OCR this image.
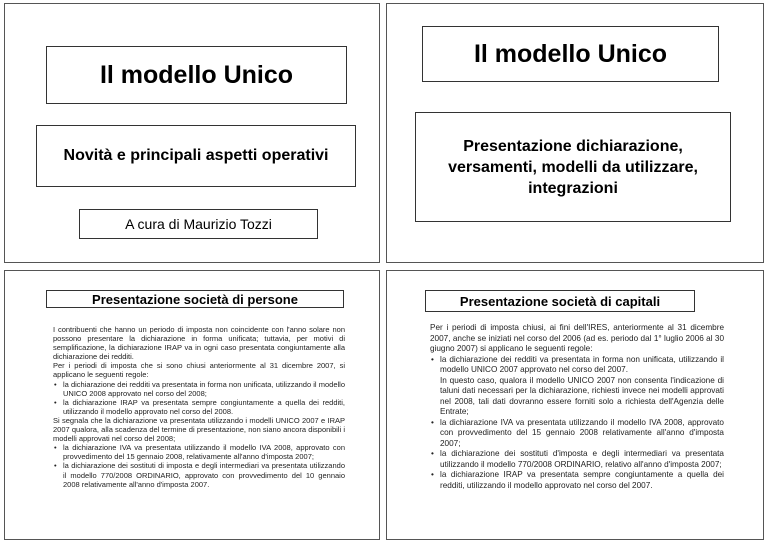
Il modello Unico
Novità e principali aspetti operativi
A cura di Maurizio Tozzi
Il modello Unico
Presentazione dichiarazione, versamenti, modelli da utilizzare, integrazioni
Presentazione società di persone

I contribuenti che hanno un periodo di imposta non coincidente con l'anno solare non possono presentare la dichiarazione in forma unificata; tuttavia, per motivi di semplificazione, la dichiarazione IRAP va in ogni caso presentata congiuntamente alla dichiarazione dei redditi.

Per i periodi di imposta che si sono chiusi anteriormente al 31 dicembre 2007, si applicano le seguenti regole:

• la dichiarazione dei redditi va presentata in forma non unificata, utilizzando il modello UNICO 2008 approvato nel corso del 2008;
• la dichiarazione IRAP va presentata sempre congiuntamente a quella dei redditi, utilizzando il modello approvato nel corso del 2008.

Si segnala che la dichiarazione va presentata utilizzando i modelli UNICO 2007 e IRAP 2007 qualora, alla scadenza del termine di presentazione, non siano ancora disponibili i modelli approvati nel corso del 2008;

• la dichiarazione IVA va presentata utilizzando il modello IVA 2008, approvato con provvedimento del 15 gennaio 2008, relativamente all'anno d'imposta 2007;
• la dichiarazione dei sostituti di imposta e degli intermediari va presentata utilizzando il modello 770/2008 ORDINARIO, approvato con provvedimento del 10 gennaio 2008 relativamente all'anno d'imposta 2007.
Presentazione società di capitali

Per i periodi di imposta chiusi, ai fini dell'IRES, anteriormente al 31 dicembre 2007, anche se iniziati nel corso del 2006 (ad es. periodo dal 1° luglio 2006 al 30 giugno 2007) si applicano le seguenti regole:

• la dichiarazione dei redditi va presentata in forma non unificata, utilizzando il modello UNICO 2007 approvato nel corso del 2007.
In questo caso, qualora il modello UNICO 2007 non consenta l'indicazione di taluni dati necessari per la dichiarazione, richiesti invece nei modelli approvati nel 2008, tali dati dovranno essere forniti solo a richiesta dell'Agenzia delle Entrate;
• la dichiarazione IVA va presentata utilizzando il modello IVA 2008, approvato con provvedimento del 15 gennaio 2008 relativamente all'anno d'imposta 2007;
• la dichiarazione dei sostituti d'imposta e degli intermediari va presentata utilizzando il modello 770/2008 ORDINARIO, relativo all'anno d'imposta 2007;
• la dichiarazione IRAP va presentata sempre congiuntamente a quella dei redditi, utilizzando il modello approvato nel corso del 2007.
